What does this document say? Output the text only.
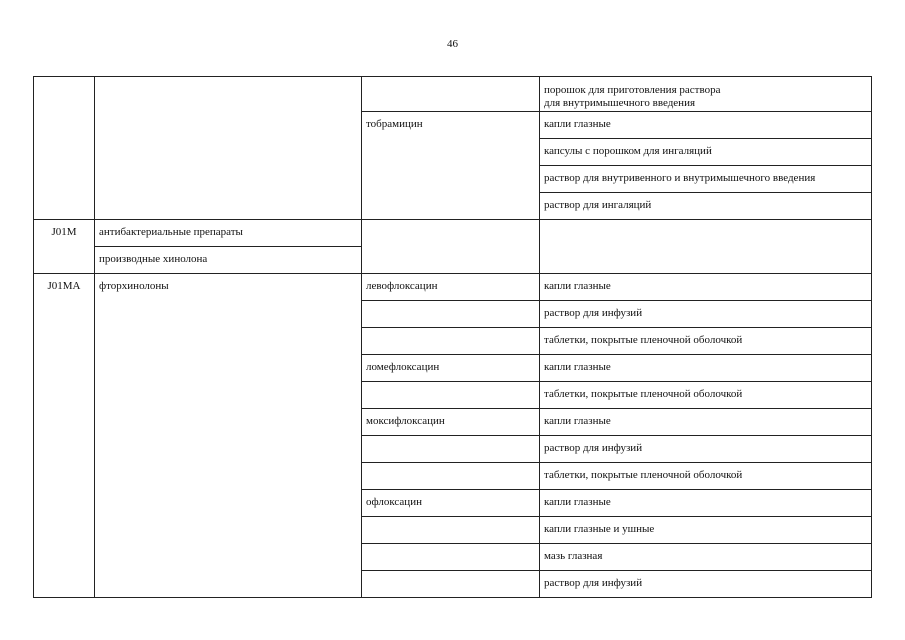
46

			порошок для приготовления раствора
для внутримышечного введения

		тобрамицин	капли глазные
			капсулы с порошком для ингаляций
			раствор для внутривенного и внутримышечного введения
			раствор для ингаляций
J01M	антибактериальные препараты		
	производные хинолона		
J01MA	фторхинолоны	левофлоксацин	капли глазные
			раствор для инфузий
			таблетки, покрытые пленочной оболочкой
		ломефлоксацин	капли глазные
			таблетки, покрытые пленочной оболочкой
		моксифлоксацин	капли глазные
			раствор для инфузий
			таблетки, покрытые пленочной оболочкой
		офлоксацин	капли глазные
			капли глазные и ушные
			мазь глазная
			раствор для инфузий
